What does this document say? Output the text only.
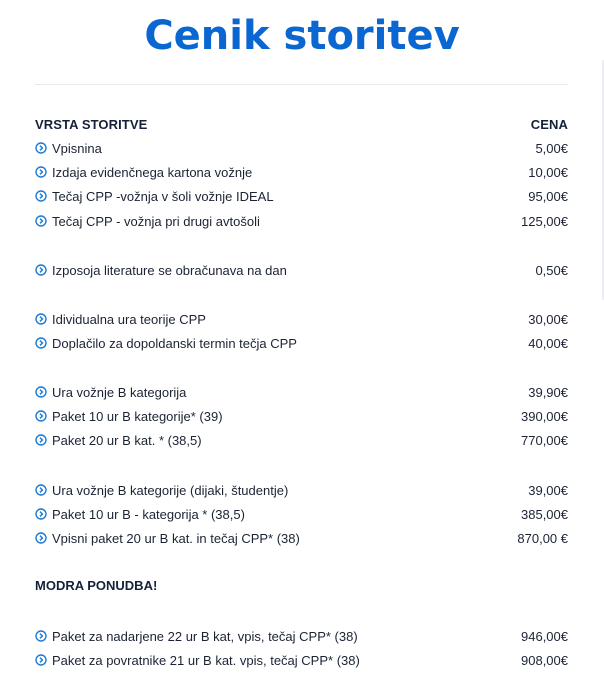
Cenik storitev
VRSTA STORITVE	CENA
Vpisnina	5,00€
Izdaja evidenčnega kartona vožnje	10,00€
Tečaj CPP -vožnja v šoli vožnje IDEAL	95,00€
Tečaj CPP - vožnja pri drugi avtošoli	125,00€
Izposoja literature se obračunava na dan	0,50€
Idividualna ura teorije CPP	30,00€
Doplačilo za dopoldanski termin tečja CPP	40,00€
Ura vožnje B kategorija	39,90€
Paket 10 ur B kategorije* (39)	390,00€
Paket 20 ur B kat. * (38,5)	770,00€
Ura vožnje B kategorije (dijaki, študentje)	39,00€
Paket 10 ur B - kategorija * (38,5)	385,00€
Vpisni paket 20 ur B kat. in tečaj CPP* (38)	870,00 €
MODRA PONUDBA!
Paket za nadarjene 22 ur B kat, vpis, tečaj CPP* (38)	946,00€
Paket za povratnike 21 ur B kat. vpis, tečaj CPP* (38)	908,00€
